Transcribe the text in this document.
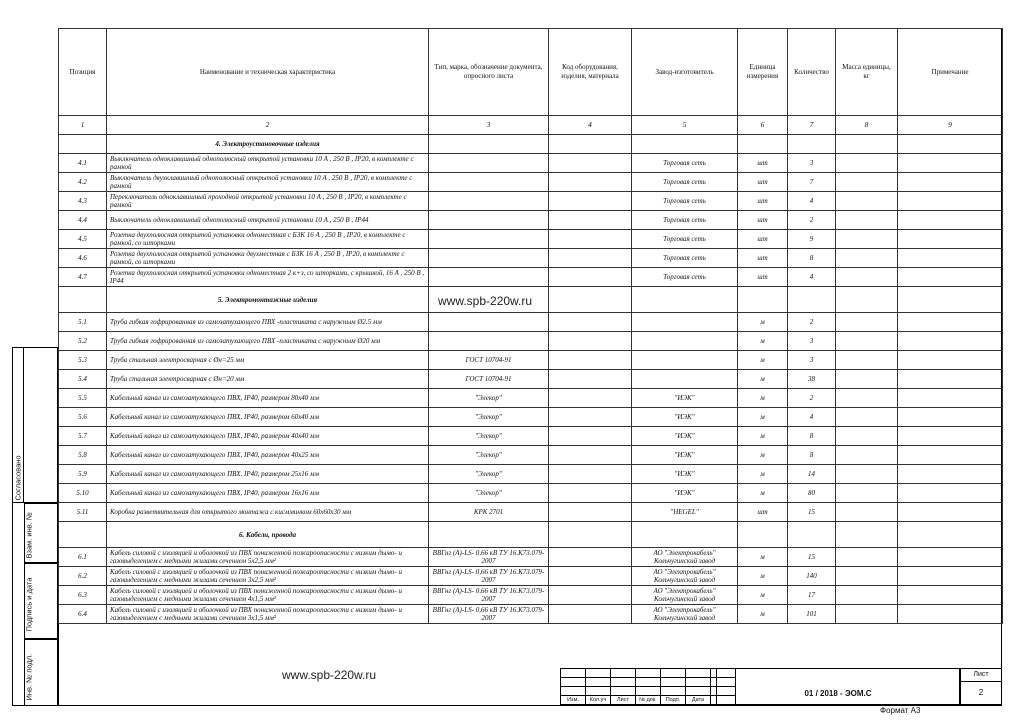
Позиция	Наименование и техническая характеристика	Тип, марка, обозначение документа, опросного листа	Код оборудования, изделия, материала	Завод-изготовитель	Единица измерения	Количество	Масса единицы, кг	Примечание
1	2	3	4	5	6	7	8	9
	4. Электроустановочные изделия							
4.1	Выключатель одноклавишный однополюсный открытой установки 10 А , 250 В , IP20, в комплекте с рамкой			Торговая сеть	шт	3		
4.2	Выключатель двухклавишный однополюсный открытой установки 10 А , 250 В , IP20, в комплекте с рамкой			Торговая сеть	шт	7		
4.3	Переключатель одноклавишный проходной открытой установки 10 А , 250 В , IP20, в комплекте с рамкой			Торговая сеть	шт	4		
4.4	Выключатель одноклавишный однополюсный открытой установки 10 А , 250 В , IP44			Торговая сеть	шт	2		
4.5	Розетка двухполюсная открытой установки одноместная с БЗК 16 А , 250 В , IP20, в комплекте с рамкой, со шторками			Торговая сеть	шт	9		
4.6	Розетка двухполюсная открытой установки двухместная с БЗК 16 А , 250 В , IP20, в комплекте с рамкой, со шторками			Торговая сеть	шт	8		
4.7	Розетка двухполюсная открытой установки одноместная 2 к+з, со шторками, с крышкой, 16 А , 250 В , IP44			Торговая сеть	шт	4		
	5. Электромонтажные изделия							
5.1	Труба гибкая гофрированная из самозатухающего ПВХ -пластиката с наружным Ø2.5 мм				м	2		
5.2	Труба гибкая гофрированная из самозатухающего ПВХ -пластиката с наружным Ø20 мм				м	3		
5.3	Труба стальная электросварная с Øн=25 мм	ГОСТ 10704-91			м	3		
5.4	Труба стальная электросварная с Øн=20 мм	ГОСТ 10704-91			м	38		
5.5	Кабельный канал из самозатухающего ПВХ, IP40, размером 80х40 мм	"Элекор"		"ИЭК"	м	2		
5.6	Кабельный канал из самозатухающего ПВХ, IP40, размером 60х40 мм	"Элекор"		"ИЭК"	м	4		
5.7	Кабельный канал из самозатухающего ПВХ, IP40, размером 40х40 мм	"Элекор"		"ИЭК"	м	8		
5.8	Кабельный канал из самозатухающего ПВХ, IP40, размером 40х25 мм	"Элекор"		"ИЭК"	м	8		
5.9	Кабельный канал из самозатухающего ПВХ, IP40, размером 25х16 мм	"Элекор"		"ИЭК"	м	14		
5.10	Кабельный канал из самозатухающего ПВХ, IP40, размером 16х16 мм	"Элекор"		"ИЭК"	м	80		
5.11	Коробка разветвительная для открытого монтажа с кисмминком 60х60х30 мм	КРК 2701		"HEGEL"	шт	15		
	6. Кабели, провода							
6.1	Кабель силовой с изоляцией и оболочкой из ПВХ пониженной пожароопасности с низким дымо- и газовыделением с медными жилами сечением 5х2,5 мм²	ВВГнг (А)-LS- 0,66 кВ ТУ 16.К73.079-2007		АО "Электрокабель" Кольчугинский завод	м	15		
6.2	Кабель силовой с изоляцией и оболочкой из ПВХ пониженной пожароопасности с низким дымо- и газовыделением с медными жилами сечением 3х2,5 мм²	ВВГнг (А)-LS- 0,66 кВ ТУ 16.К73.079-2007		АО "Электрокабель" Кольчугинский завод	м	140		
6.3	Кабель силовой с изоляцией и оболочкой из ПВХ пониженной пожароопасности с низким дымо- и газовыделением с медными жилами сечением 4х1,5 мм²	ВВГнг (А)-LS- 0,66 кВ ТУ 16.К73.079-2007		АО "Электрокабель" Кольчугинский завод	м	17		
6.4	Кабель силовой с изоляцией и оболочкой из ПВХ пониженной пожароопасности с низким дымо- и газовыделением с медными жилами сечением 3х1,5 мм²	ВВГнг (А)-LS- 0,66 кВ ТУ 16.К73.079-2007		АО "Электрокабель" Кольчугинский завод	м	101		
www.spb-220w.ru
www.spb-220w.ru
Согласовано
Взам. инв. №
Подпись и дата
Инв. № подл.

							Изм.	Кол.уч	Лист	№ док.	Подп.	Дата	
01 / 2018 - ЭОМ.С
Лист
2
Формат А3
